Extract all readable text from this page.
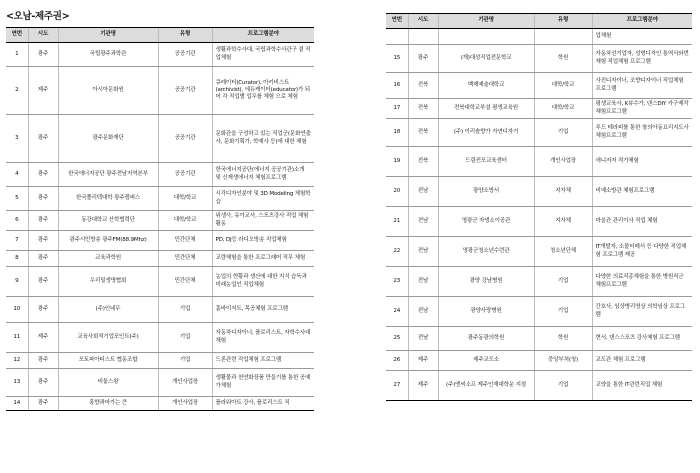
<오남-제주권>
연번	시도	기관명	유형	프로그램분야
1	광주	국립광주과학관	공공기관	생활과학수사대, 국립과학수사관구 곁 직업체험
2	제주	아시아문화원	공공기관	큐레이터(Curator), 아키비스트(archivist), 에듀케이터(educator)가 되어 각 직업별 업무를 체험 으로 체험
3	광주	광주문화재단	공공기관	문화관을 구성하고 있는 직업군(문화연출사, 문화기획가, 학예사 등)에 대한 체험
4	광주	한국에너지공단 광주전남지역본부	공공기관	한국에너지공단(에너지 공공기관)소개 및 신재생에너지 체험프로그램
5	광주	한국폴리텍대학 광주캠퍼스	대학/학교	시각디자인분야 및 3D Modeling 체험학습
6	광주	동강대학교 산학협력단	대학/학교	위생사, 유아교사, 스포츠강사 직업 체험 활동
7	광주	광주시민방송 광주FM(88.9Mhz)	민간단체	PD, DJ등 라디오방송 직업체험
8	광주	교육과학원	민간단체	교량체험을 통한 프로그래머 직무 체험
9	광주	우리밀생명협회	민간단체	농업의 현황과 생산에 대한 지식 습득과 미래농업인 직업체험
10	광주	(주)인네무	기업	홈바이저트, 목공체험 프로그램
11	제주	교육사회적기업포인트(주)	기업	자동차디자이너, 플로리스트, 자학수사대 체험
12	광주	포토파아티스트 협동조합	기업	드론관련 직업체험 프로그램
13	광주	비둘스왕	개인사업장	생활물과 천연화장품 만들기를 통한 공예가체험
14	광주	흥향콰마가는 큰	개인사업장	플라워아트 강사, 플로리스트 직
연번	시도	기관명	유형	프로그램분야
				업체험
15	광주	(재)대성직업전문학교	학원	자동차선기업자, 성형디자인 통역사와번체험 직업체험 프로그램
16	전북	백제예술대학교	대학/학교	사진디자이너, 조향디자이너 직업체험 프로그램
17	전북	전북대학교부설 평생교육원	대학/학교	평생교육사, K뷰수가, 댄스DIY 가구제작 체험프로그램
18	전북	(주) 이리솔향가 자연디자기	기업	푸드 테라피를 통한 창의아동요리지도사 체험프로그램
19	전북	드림컨포교육센터	개인사업장	애니저저 적가체험
20	전남	광양소방서	지자체	비예소방관 체험프로그램
21	전남	영광군 자생소이공관	지자체	마을관 관리이사 직업 체험
22	전남	영광군청소년수련관	청소년단체	IT개발자, 소물터메서 등 다양한 직업체험 프로그램 제공
23	전남	광양 강남병원	기업	다양한 의료직종체험을 통한 병원직군 체험프로그램
24	전남	광양사랑병원	기업	간호사, 임상병리영상 의학임상 프로그램
25	전남	광주동광의학원	학원	현서, 댄스스포츠 강사체험 프로그램
26	제주	제주교도소	중앙부처(청)	교도관 체험 프로그램
27	제주	(주)엔씨소프 제주인재대학운 지점	기업	교양을 통한 IT관련직업 체험
